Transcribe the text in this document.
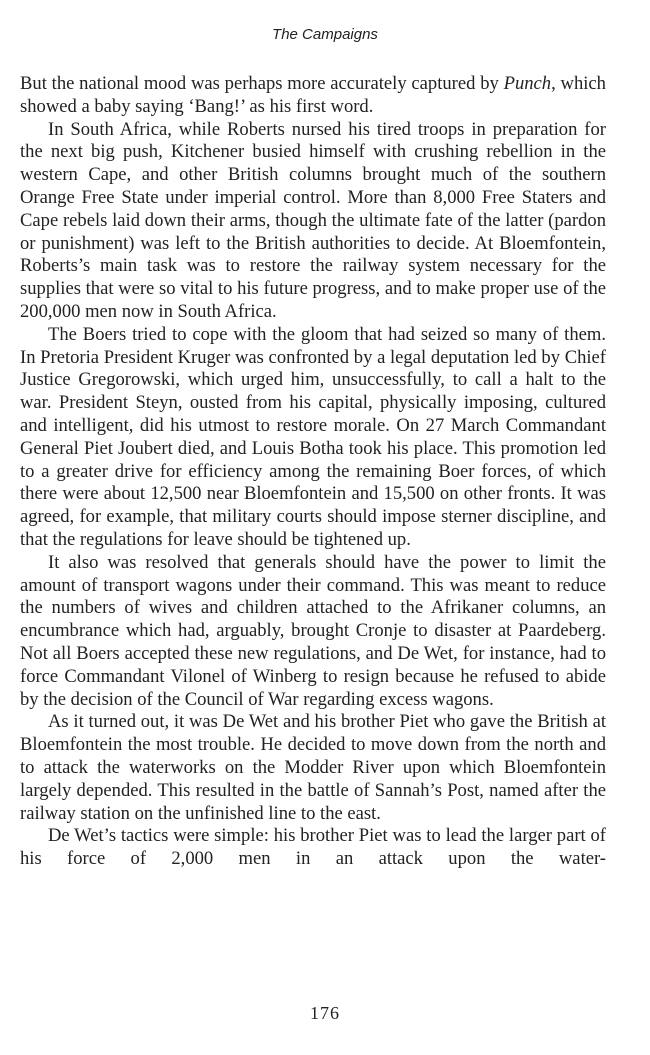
The Campaigns

But the national mood was perhaps more accurately captured by Punch, which showed a baby saying ‘Bang!’ as his first word.

In South Africa, while Roberts nursed his tired troops in preparation for the next big push, Kitchener busied himself with crushing rebellion in the western Cape, and other British columns brought much of the southern Orange Free State under imperial control. More than 8,000 Free Staters and Cape rebels laid down their arms, though the ultimate fate of the latter (pardon or punishment) was left to the British authorities to decide. At Bloemfontein, Roberts’s main task was to restore the railway system necessary for the supplies that were so vital to his future progress, and to make proper use of the 200,000 men now in South Africa.

The Boers tried to cope with the gloom that had seized so many of them. In Pretoria President Kruger was confronted by a legal deputation led by Chief Justice Gregorowski, which urged him, unsuccessfully, to call a halt to the war. President Steyn, ousted from his capital, physically imposing, cultured and intelligent, did his utmost to restore morale. On 27 March Commandant General Piet Joubert died, and Louis Botha took his place. This promotion led to a greater drive for efficiency among the remaining Boer forces, of which there were about 12,500 near Bloemfontein and 15,500 on other fronts. It was agreed, for example, that military courts should impose sterner discipline, and that the regulations for leave should be tightened up.

It also was resolved that generals should have the power to limit the amount of transport wagons under their command. This was meant to reduce the numbers of wives and children attached to the Afrikaner columns, an encumbrance which had, arguably, brought Cronje to disaster at Paardeberg. Not all Boers accepted these new regulations, and De Wet, for instance, had to force Commandant Vilonel of Winberg to resign because he refused to abide by the decision of the Council of War regarding excess wagons.

As it turned out, it was De Wet and his brother Piet who gave the British at Bloemfontein the most trouble. He decided to move down from the north and to attack the waterworks on the Modder River upon which Bloemfontein largely depended. This resulted in the battle of Sannah’s Post, named after the railway station on the unfinished line to the east.

De Wet’s tactics were simple: his brother Piet was to lead the larger part of his force of 2,000 men in an attack upon the water-

176
